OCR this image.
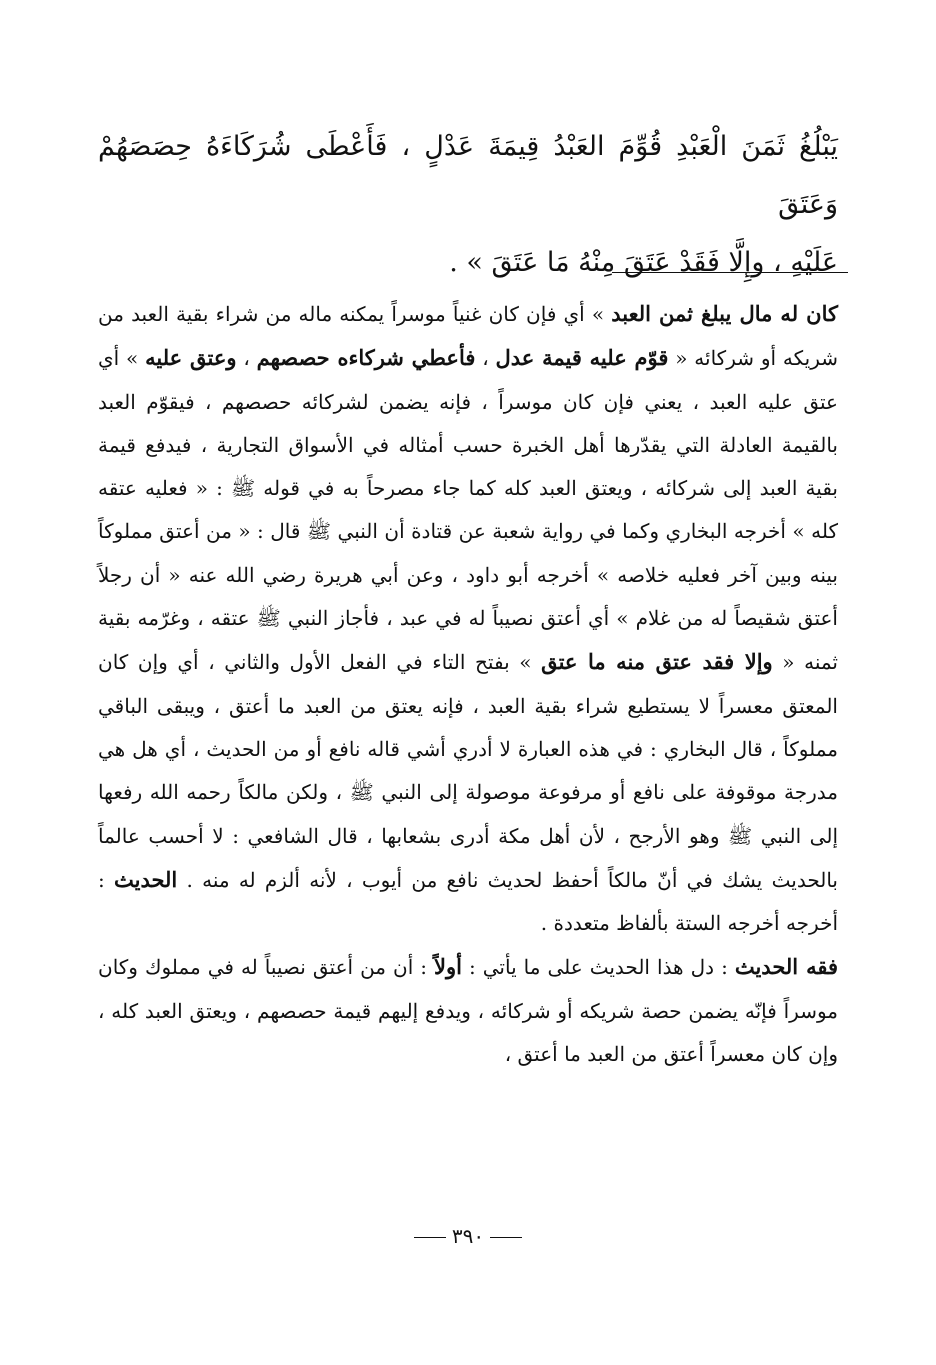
يَبْلُغُ ثَمَنَ الْعَبْدِ قُوِّمَ العَبْدُ قِيمَةَ عَدْلٍ ، فَأَعْطَى شُرَكَاءَهُ حِصَصَهُمْ وَعَتَقَ
عَلَيْهِ ، وإِلَّا فَقَدْ عَتَقَ مِنْهُ مَا عَتَقَ » .

كان له مال يبلغ ثمن العبد » أي فإن كان غنياً موسراً يمكنه ماله من شراء بقية العبد من شريكه أو شركائه « قوّم عليه قيمة عدل ، فأعطي شركاءه حصصهم ، وعتق عليه » أي عتق عليه العبد ، يعني فإن كان موسراً ، فإنه يضمن لشركائه حصصهم ، فيقوّم العبد بالقيمة العادلة التي يقدّرها أهل الخبرة حسب أمثاله في الأسواق التجارية ، فيدفع قيمة بقية العبد إلى شركائه ، ويعتق العبد كله كما جاء مصرحاً به في قوله ﷺ : « فعليه عتقه كله » أخرجه البخاري وكما في رواية شعبة عن قتادة أن النبي ﷺ قال : « من أعتق مملوكاً بينه وبين آخر فعليه خلاصه » أخرجه أبو داود ، وعن أبي هريرة رضي الله عنه « أن رجلاً أعتق شقيصاً له من غلام » أي أعتق نصيباً له في عبد ، فأجاز النبي ﷺ عتقه ، وغرّمه بقية ثمنه « وإلا فقد عتق منه ما عتق » بفتح التاء في الفعل الأول والثاني ، أي وإن كان المعتق معسراً لا يستطيع شراء بقية العبد ، فإنه يعتق من العبد ما أعتق ، ويبقى الباقي مملوكاً ، قال البخاري : في هذه العبارة لا أدري أشي قاله نافع أو من الحديث ، أي هل هي مدرجة موقوفة على نافع أو مرفوعة موصولة إلى النبي ﷺ ، ولكن مالكاً رحمه الله رفعها إلى النبي ﷺ وهو الأرجح ، لأن أهل مكة أدرى بشعابها ، قال الشافعي : لا أحسب عالماً بالحديث يشك في أنّ مالكاً أحفظ لحديث نافع من أيوب ، لأنه ألزم له منه . الحديث : أخرجه أخرجه الستة بألفاظ متعددة .

فقه الحديث : دل هذا الحديث على ما يأتي : أولاً : أن من أعتق نصيباً له في مملوك وكان موسراً فإنّه يضمن حصة شريكه أو شركائه ، ويدفع إليهم قيمة حصصهم ، ويعتق العبد كله ، وإن كان معسراً أعتق من العبد ما أعتق ،

٣٩٠
